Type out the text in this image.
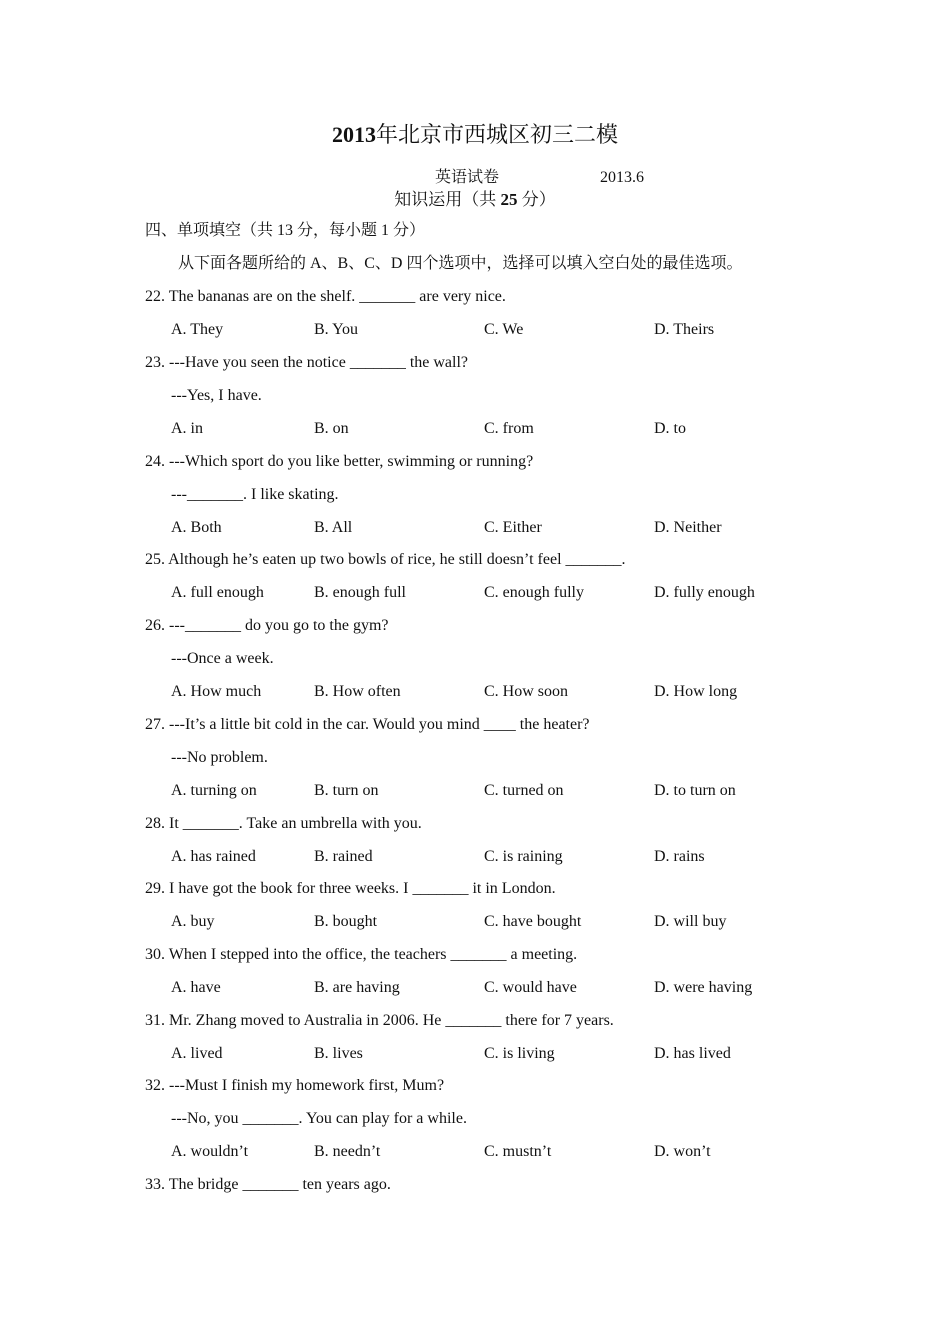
2013年北京市西城区初三二模
英语试卷	2013.6
知识运用（共 25 分）
四、单项填空（共 13 分，每小题 1 分）
从下面各题所给的 A、B、C、D 四个选项中，选择可以填入空白处的最佳选项。
22. The bananas are on the shelf. _______ are very nice.
A. They	B. You	C. We	D. Theirs
23. ---Have you seen the notice _______ the wall?
---Yes, I have.
A. in	B. on	C. from	D. to
24. ---Which sport do you like better, swimming or running?
---_______. I like skating.
A. Both	B. All	C. Either	D. Neither
25. Although he’s eaten up two bowls of rice, he still doesn’t feel _______.
A. full enough	B. enough full	C. enough fully	D. fully enough
26. ---_______ do you go to the gym?
---Once a week.
A. How much	B. How often	C. How soon	D. How long
27. ---It’s a little bit cold in the car. Would you mind ____ the heater?
---No problem.
A. turning on	B. turn on	C. turned on	D. to turn on
28. It _______. Take an umbrella with you.
A. has rained	B. rained	C. is raining	D. rains
29. I have got the book for three weeks. I _______ it in London.
A. buy	B. bought	C. have bought	D. will buy
30. When I stepped into the office, the teachers _______ a meeting.
A. have	B. are having	C. would have	D. were having
31. Mr. Zhang moved to Australia in 2006. He _______ there for 7 years.
A. lived	B. lives	C. is living	D. has lived
32. ---Must I finish my homework first, Mum?
---No, you _______. You can play for a while.
A. wouldn’t	B. needn’t	C. mustn’t	D. won’t
33. The bridge _______ ten years ago.
